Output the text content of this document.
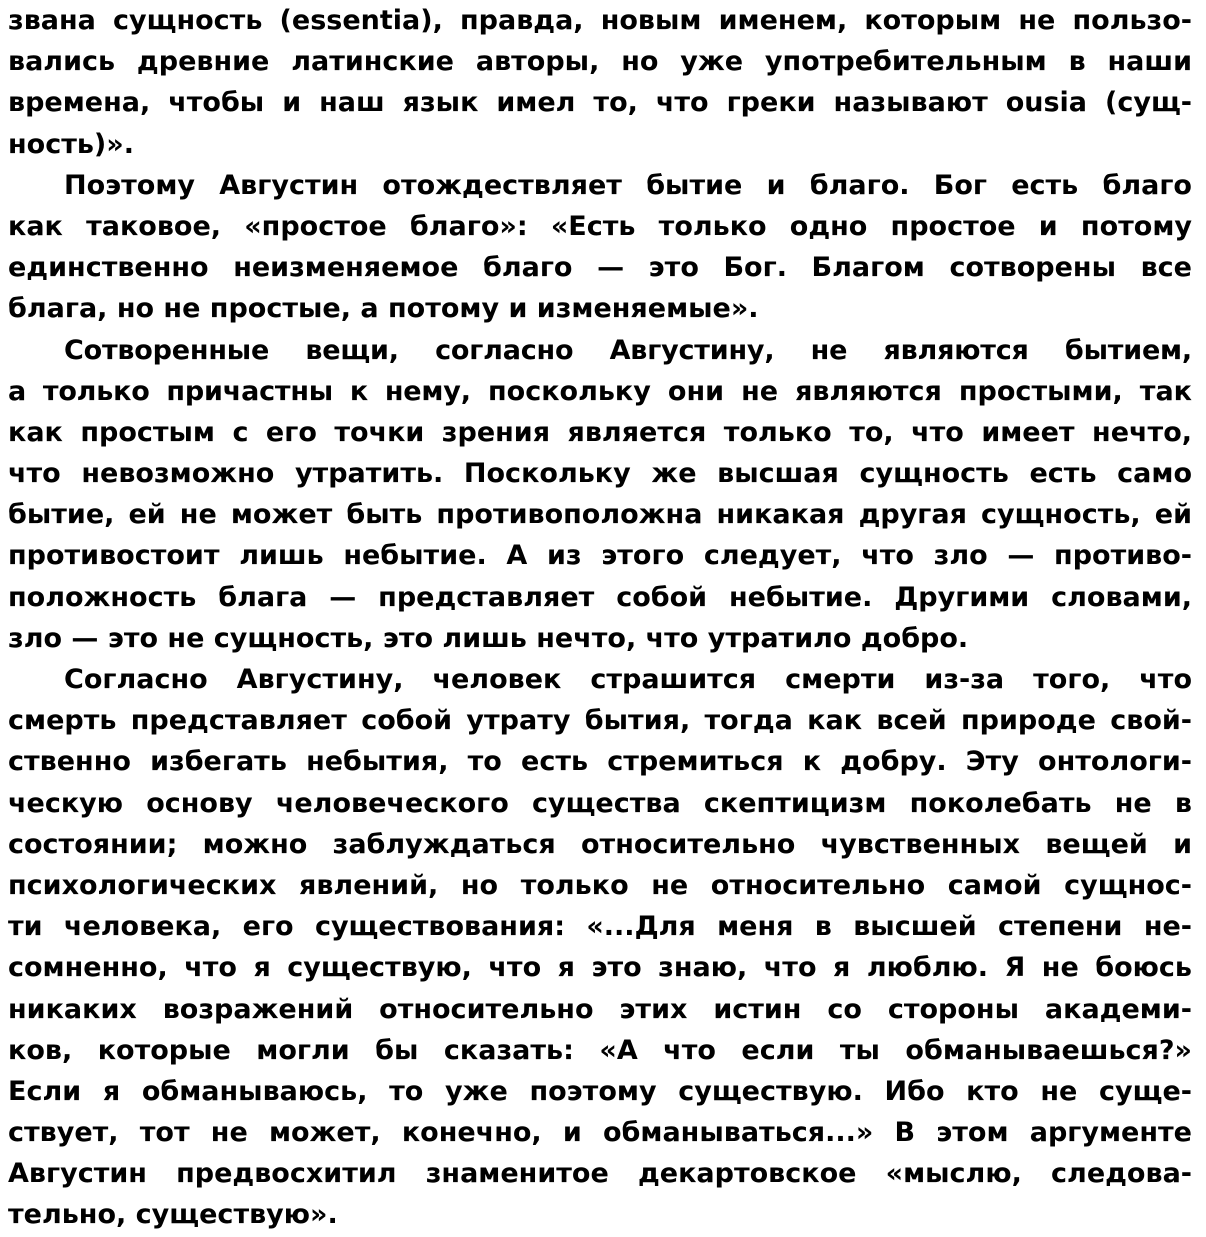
звана сущность (essentia), правда, новым именем, которым не пользо-
вались древние латинские авторы, но уже употребительным в наши
времена, чтобы и наш язык имел то, что греки называют ousia (сущ-
ность)».
Поэтому Августин отождествляет бытие и благо. Бог есть благо
как таковое, «простое благо»: «Есть только одно простое и потому
единственно неизменяемое благо — это Бог. Благом сотворены все
блага, но не простые, а потому и изменяемые».
Сотворенные вещи, согласно Августину, не являются бытием,
а только причастны к нему, поскольку они не являются простыми, так
как простым с его точки зрения является только то, что имеет нечто,
что невозможно утратить. Поскольку же высшая сущность есть само
бытие, ей не может быть противоположна никакая другая сущность, ей
противостоит лишь небытие. А из этого следует, что зло — противо-
положность блага — представляет собой небытие. Другими словами,
зло — это не сущность, это лишь нечто, что утратило добро.
Согласно Августину, человек страшится смерти из-за того, что
смерть представляет собой утрату бытия, тогда как всей природе свой-
ственно избегать небытия, то есть стремиться к добру. Эту онтологи-
ческую основу человеческого существа скептицизм поколебать не в
состоянии; можно заблуждаться относительно чувственных вещей и
психологических явлений, но только не относительно самой сущнос-
ти человека, его существования: «...Для меня в высшей степени не-
сомненно, что я существую, что я это знаю, что я люблю. Я не боюсь
никаких возражений относительно этих истин со стороны академи-
ков, которые могли бы сказать: «А что если ты обманываешься?»
Если я обманываюсь, то уже поэтому существую. Ибо кто не суще-
ствует, тот не может, конечно, и обманываться...» В этом аргументе
Августин предвосхитил знаменитое декартовское «мыслю, следова-
тельно, существую».
